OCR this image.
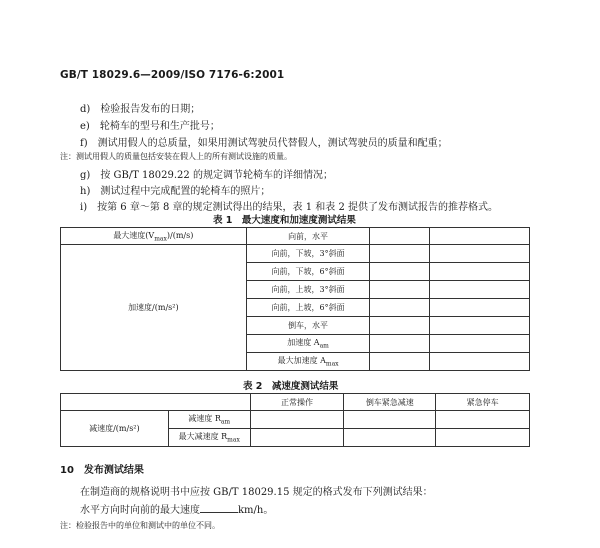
GB/T 18029.6—2009/ISO 7176-6:2001
d)　 检验报告发布的日期；
e)　 轮椅车的型号和生产批号；
f)　 测试用假人的总质量，如果用测试驾驶员代替假人，测试驾驶员的质量和配重；
注：测试用假人的质量包括安装在假人上的所有测试设施的质量。
g)　 按 GB/T 18029.22 的规定调节轮椅车的详细情况；
h)　 测试过程中完成配置的轮椅车的照片；
i)　 按第 6 章～第 8 章的规定测试得出的结果，表 1 和表 2 提供了发布测试报告的推荐格式。
表 1　最大速度和加速度测试结果
最大速度$(V_{max})/(m/s)$	向前，水平		
加速度/(m/s²)	向前，下坡，3°斜面		
	向前，下坡，6°斜面		
	向前，上坡，3°斜面		
	向前，上坡，6°斜面		
	倒车，水平		
	加速度 $A_{am}$		
	最大加速度 $A_{max}$		
表 2　减速度测试结果
		正常操作	倒车紧急减速	紧急停车
减速度/(m/s²)	减速度 $R_{am}$			
	最大减速度 $R_{max}$			
10　发布测试结果
在制造商的规格说明书中应按 GB/T 18029.15 规定的格式发布下列测试结果：
水平方向时向前的最大速度	km/h。
注：检验报告中的单位和测试中的单位不同。
